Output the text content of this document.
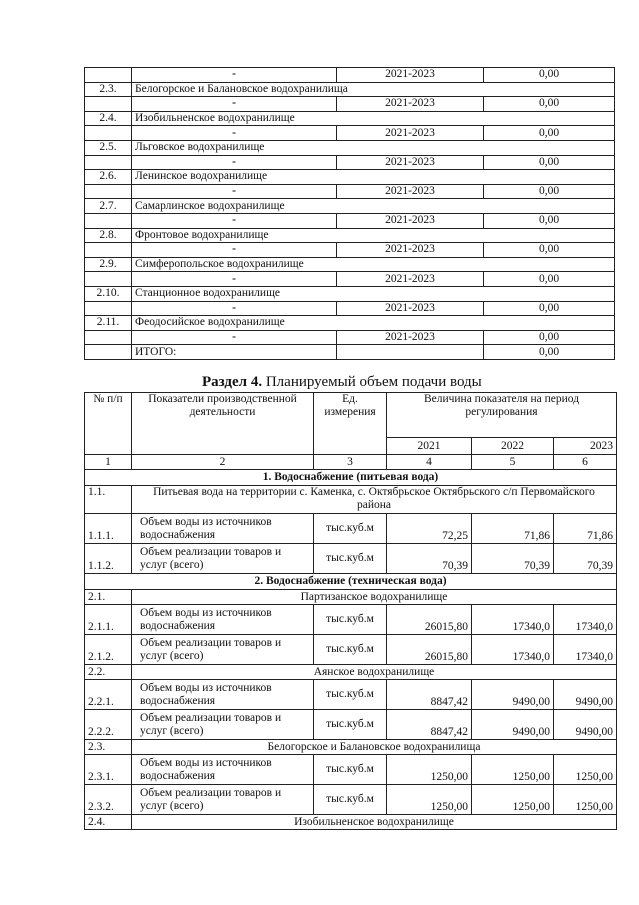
	-	2021-2023	0,00
2.3.	Белогорское и Балановское водохранилища		
	-	2021-2023	0,00
2.4.	Изобильненское водохранилище		
	-	2021-2023	0,00
2.5.	Льговское водохранилище		
	-	2021-2023	0,00
2.6.	Ленинское водохранилище		
	-	2021-2023	0,00
2.7.	Самарлинское водохранилище		
	-	2021-2023	0,00
2.8.	Фронтовое водохранилище		
	-	2021-2023	0,00
2.9.	Симферопольское водохранилище		
	-	2021-2023	0,00
2.10.	Станционное водохранилище		
	-	2021-2023	0,00
2.11.	Феодосийское водохранилище		
	-	2021-2023	0,00
	ИТОГО:		0,00
Раздел 4. Планируемый объем подачи воды
№ п/п	Показатели производственной деятельности	Ед. измерения	Величина показателя на период регулирования		
			2021	2022	2023
1	2	3	4	5	6
1. Водоснабжение (питьевая вода)					
1.1.	Питьевая вода на территории с. Каменка, с. Октябрьское Октябрьского с/п Первомайского района				
1.1.1.	Объем воды из источников водоснабжения	тыс.куб.м	72,25	71,86	71,86
1.1.2.	Объем реализации товаров и услуг (всего)	тыс.куб.м	70,39	70,39	70,39
2. Водоснабжение (техническая вода)					
2.1.	Партизанское водохранилище				
2.1.1.	Объем воды из источников водоснабжения	тыс.куб.м	26015,80	17340,0	17340,0
2.1.2.	Объем реализации товаров и услуг (всего)	тыс.куб.м	26015,80	17340,0	17340,0
2.2.	Аянское водохранилище				
2.2.1.	Объем воды из источников водоснабжения	тыс.куб.м	8847,42	9490,00	9490,00
2.2.2.	Объем реализации товаров и услуг (всего)	тыс.куб.м	8847,42	9490,00	9490,00
2.3.	Белогорское и Балановское водохранилища				
2.3.1.	Объем воды из источников водоснабжения	тыс.куб.м	1250,00	1250,00	1250,00
2.3.2.	Объем реализации товаров и услуг (всего)	тыс.куб.м	1250,00	1250,00	1250,00
2.4.	Изобильненское водохранилище				
